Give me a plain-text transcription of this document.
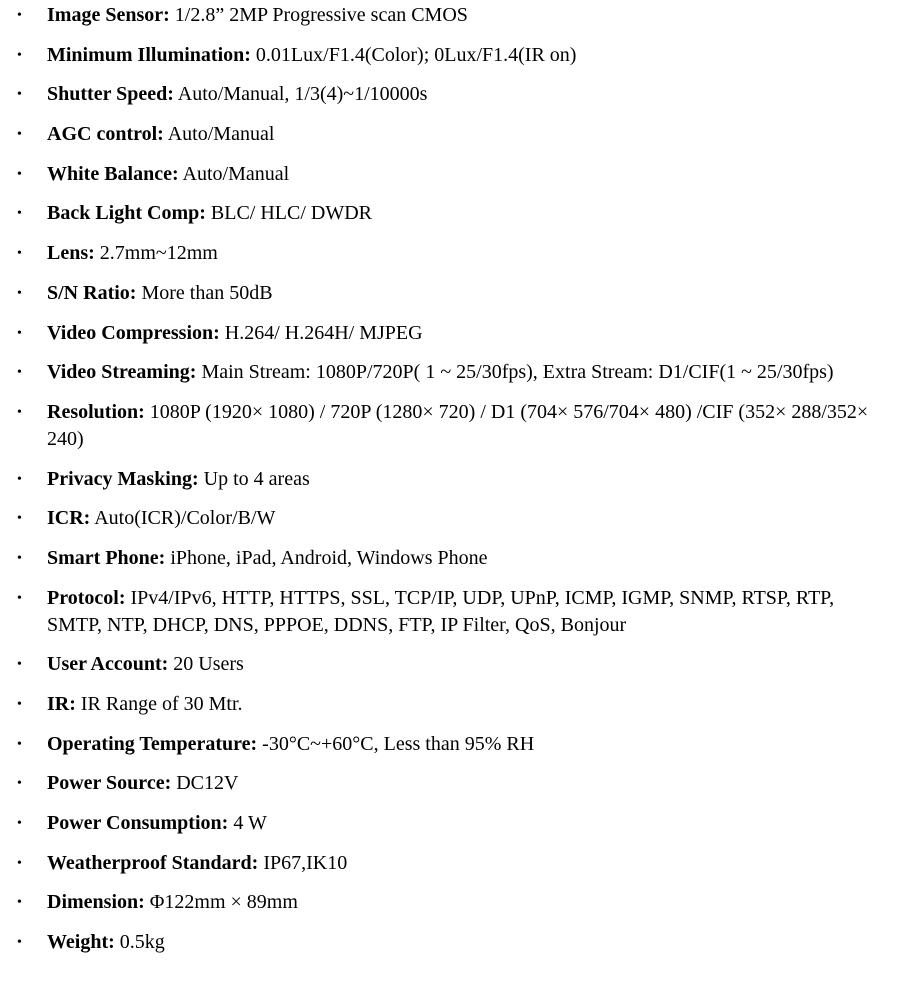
• Image Sensor: 1/2.8” 2MP Progressive scan CMOS
• Minimum Illumination: 0.01Lux/F1.4(Color); 0Lux/F1.4(IR on)
• Shutter Speed: Auto/Manual, 1/3(4)~1/10000s
• AGC control: Auto/Manual
• White Balance: Auto/Manual
• Back Light Comp: BLC/ HLC/ DWDR
• Lens: 2.7mm~12mm
• S/N Ratio: More than 50dB
• Video Compression: H.264/ H.264H/ MJPEG
• Video Streaming: Main Stream: 1080P/720P( 1 ~ 25/30fps), Extra Stream: D1/CIF(1 ~ 25/30fps)
• Resolution: 1080P (1920× 1080) / 720P (1280× 720) / D1 (704× 576/704× 480) /CIF (352× 288/352× 240)
• Privacy Masking: Up to 4 areas
• ICR: Auto(ICR)/Color/B/W
• Smart Phone: iPhone, iPad, Android, Windows Phone
• Protocol: IPv4/IPv6, HTTP, HTTPS, SSL, TCP/IP, UDP, UPnP, ICMP, IGMP, SNMP, RTSP, RTP, SMTP, NTP, DHCP, DNS, PPPOE, DDNS, FTP, IP Filter, QoS, Bonjour
• User Account: 20 Users
• IR: IR Range of 30 Mtr.
• Operating Temperature: -30°C~+60°C, Less than 95% RH
• Power Source: DC12V
• Power Consumption: 4 W
• Weatherproof Standard: IP67,IK10
• Dimension: Φ122mm × 89mm
• Weight: 0.5kg
